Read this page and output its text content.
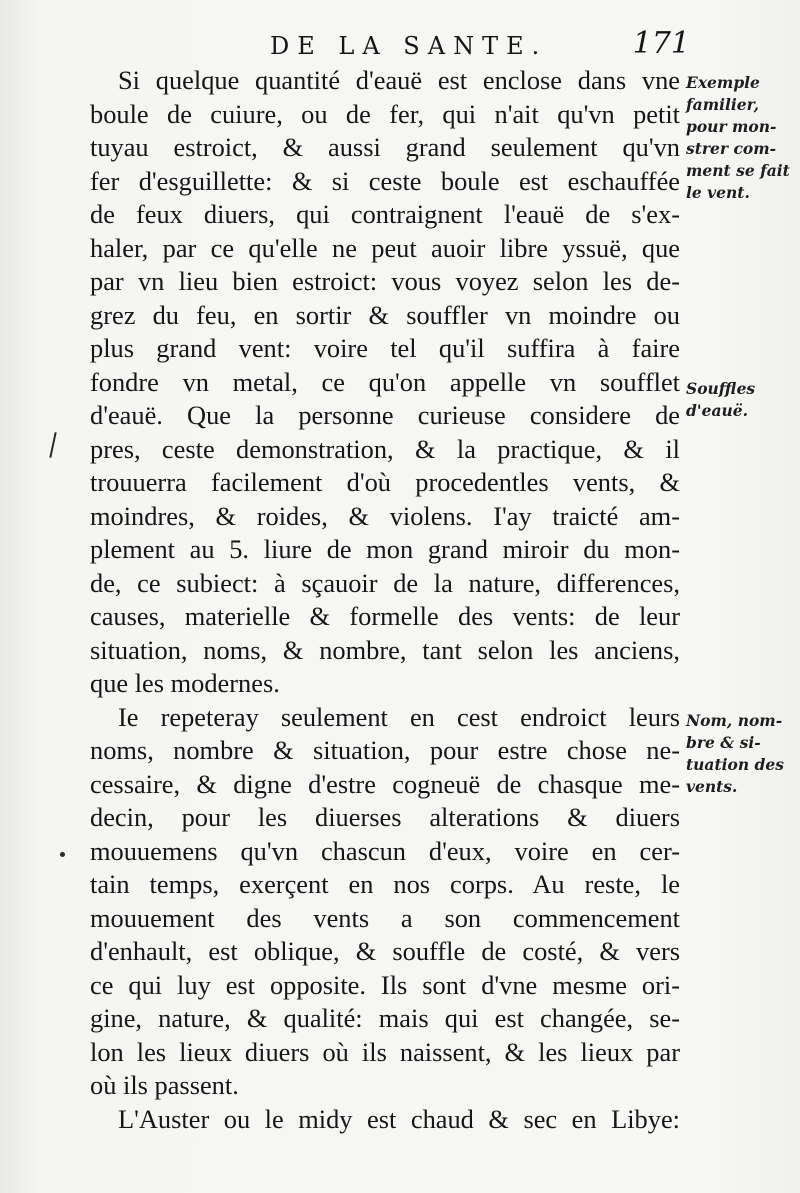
DE LA SANTE.	171
Si quelque quantité d'eauë est enclose dans vne
boule de cuiure, ou de fer, qui n'ait qu'vn petit
tuyau estroict, & aussi grand seulement qu'vn
fer d'esguillette: & si ceste boule est eschauffée
de feux diuers, qui contraignent l'eauë de s'ex-
haler, par ce qu'elle ne peut auoir libre yssuë, que
par vn lieu bien estroict: vous voyez selon les de-
grez du feu, en sortir & souffler vn moindre ou
plus grand vent: voire tel qu'il suffira à faire
fondre vn metal, ce qu'on appelle vn soufflet
d'eauë. Que la personne curieuse considere de
pres, ceste demonstration, & la practique, & il
trouuerra facilement d'où procedentles vents, &
moindres, & roides, & violens. I'ay traicté am-
plement au 5. liure de mon grand miroir du mon-
de, ce subiect: à sçauoir de la nature, differences,
causes, materielle & formelle des vents: de leur
situation, noms, & nombre, tant selon les anciens,
que les modernes.
Ie repeteray seulement en cest endroict leurs
noms, nombre & situation, pour estre chose ne-
cessaire, & digne d'estre cogneuë de chasque me-
decin, pour les diuerses alterations & diuers
mouuemens qu'vn chascun d'eux, voire en cer-
tain temps, exerçent en nos corps. Au reste, le
mouuement des vents a son commencement
d'enhault, est oblique, & souffle de costé, & vers
ce qui luy est opposite. Ils sont d'vne mesme ori-
gine, nature, & qualité: mais qui est changée, se-
lon les lieux diuers où ils naissent, & les lieux par
où ils passent.
L'Auster ou le midy est chaud & sec en Libye:
Exemple
familier,
pour mon-
strer com-
ment se fait
le vent.
Souffles
d'eauë.
Nom, nom-
bre & si-
tuation des
vents.
